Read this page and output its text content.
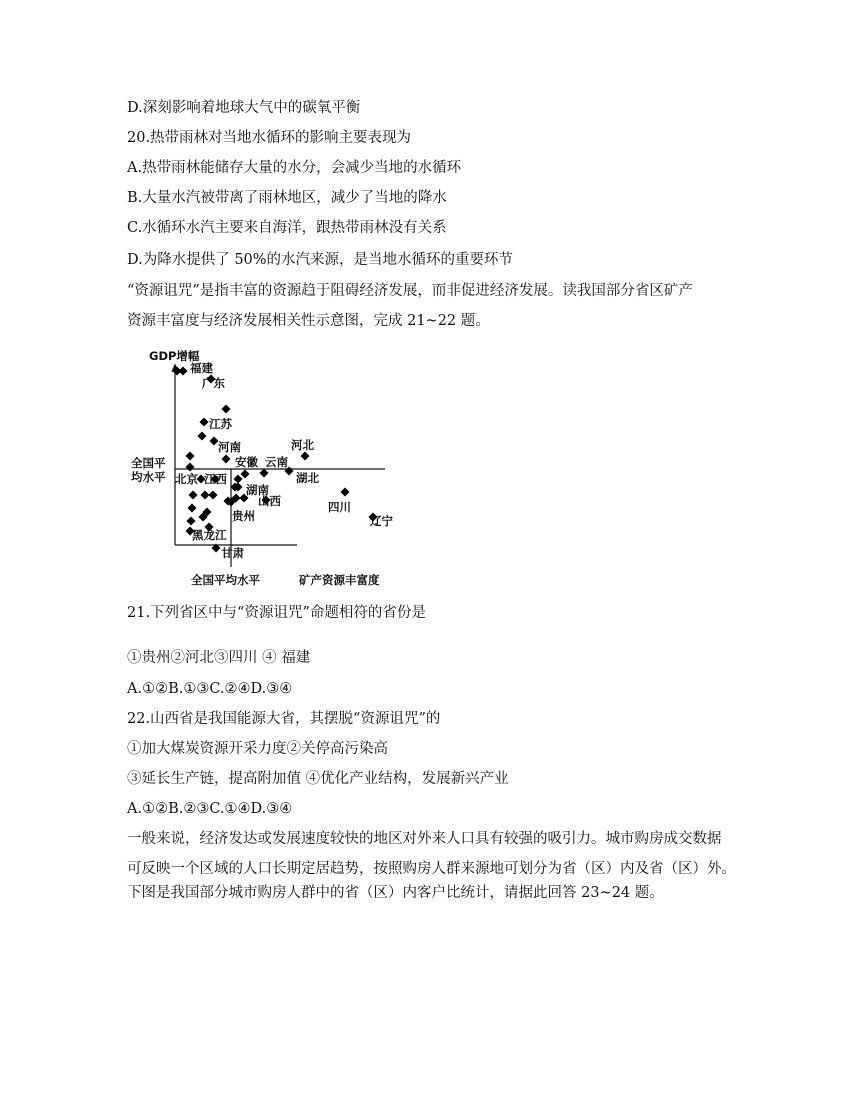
D.深刻影响着地球大气中的碳氧平衡
20.热带雨林对当地水循环的影响主要表现为
A.热带雨林能储存大量的水分，会减少当地的水循环
B.大量水汽被带离了雨林地区，减少了当地的降水
C.水循环水汽主要来自海洋，跟热带雨林没有关系
D.为降水提供了 50%的水汽来源，是当地水循环的重要环节
“资源诅咒”是指丰富的资源趋于阻碍经济发展，而非促进经济发展。读我国部分省区矿产
资源丰富度与经济发展相关性示意图，完成 21~22 题。
GDP增幅
全国平
均水平
全国平均水平	矿产资源丰富度
福建
广东
江苏
河南	河北
安徽 云南
北京 江西	湖北
湖南
山西	四川
贵州	辽宁
黑龙江
甘肃
21.下列省区中与“资源诅咒”命题相符的省份是
①贵州②河北③四川 ④ 福建
A.①②B.①③C.②④D.③④
22.山西省是我国能源大省，其摆脱“资源诅咒”的
①加大煤炭资源开采力度②关停高污染高
③延长生产链，提高附加值 ④优化产业结构，发展新兴产业
A.①②B.②③C.①④D.③④
一般来说，经济发达或发展速度较快的地区对外来人口具有较强的吸引力。城市购房成交数据
可反映一个区域的人口长期定居趋势，按照购房人群来源地可划分为省（区）内及省（区）外。
下图是我国部分城市购房人群中的省（区）内客户比统计，请据此回答 23~24 题。
